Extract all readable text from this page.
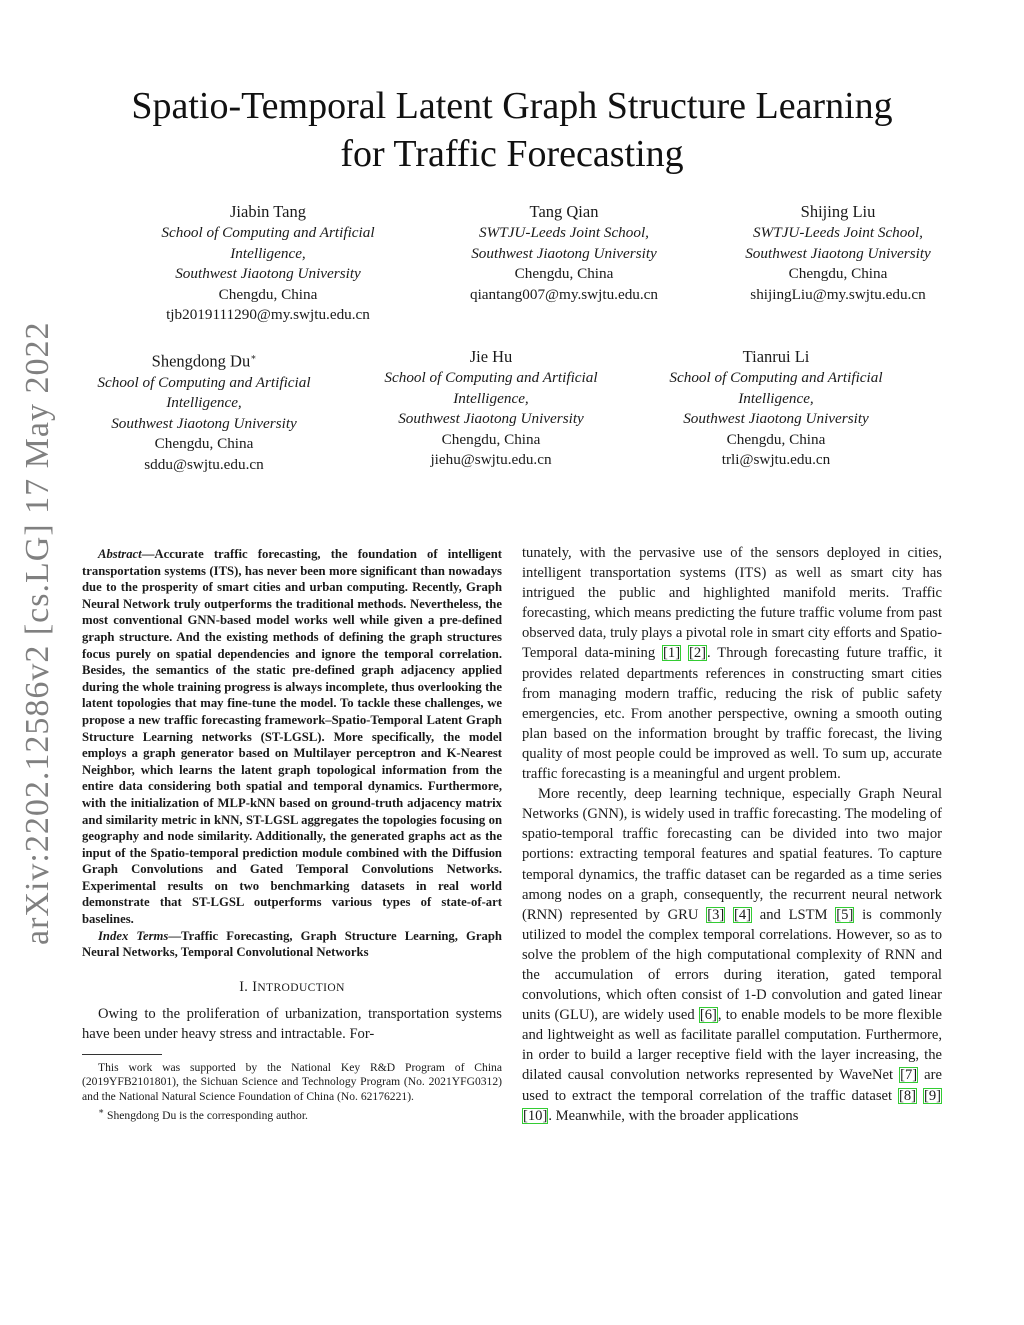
arXiv:2202.12586v2 [cs.LG] 17 May 2022
Spatio-Temporal Latent Graph Structure Learning
for Traffic Forecasting
Jiabin Tang
School of Computing and Artificial
Intelligence,
Southwest Jiaotong University
Chengdu, China
tjb2019111290@my.swjtu.edu.cn
Tang Qian
SWTJU-Leeds Joint School,
Southwest Jiaotong University
Chengdu, China
qiantang007@my.swjtu.edu.cn
Shijing Liu
SWTJU-Leeds Joint School,
Southwest Jiaotong University
Chengdu, China
shijingLiu@my.swjtu.edu.cn
Shengdong Du∗
School of Computing and Artificial
Intelligence,
Southwest Jiaotong University
Chengdu, China
sddu@swjtu.edu.cn
Jie Hu
School of Computing and Artificial
Intelligence,
Southwest Jiaotong University
Chengdu, China
jiehu@swjtu.edu.cn
Tianrui Li
School of Computing and Artificial
Intelligence,
Southwest Jiaotong University
Chengdu, China
trli@swjtu.edu.cn

Abstract—Accurate traffic forecasting, the foundation of intelligent transportation systems (ITS), has never been more significant than nowadays due to the prosperity of smart cities and urban computing. Recently, Graph Neural Network truly outperforms the traditional methods. Nevertheless, the most conventional GNN-based model works well while given a pre-defined graph structure. And the existing methods of defining the graph structures focus purely on spatial dependencies and ignore the temporal correlation. Besides, the semantics of the static pre-defined graph adjacency applied during the whole training progress is always incomplete, thus overlooking the latent topologies that may fine-tune the model. To tackle these challenges, we propose a new traffic forecasting framework–Spatio-Temporal Latent Graph Structure Learning networks (ST-LGSL). More specifically, the model employs a graph generator based on Multilayer perceptron and K-Nearest Neighbor, which learns the latent graph topological information from the entire data considering both spatial and temporal dynamics. Furthermore, with the initialization of MLP-kNN based on ground-truth adjacency matrix and similarity metric in kNN, ST-LGSL aggregates the topologies focusing on geography and node similarity. Additionally, the generated graphs act as the input of the Spatio-temporal prediction module combined with the Diffusion Graph Convolutions and Gated Temporal Convolutions Networks. Experimental results on two benchmarking datasets in real world demonstrate that ST-LGSL outperforms various types of state-of-art baselines.

Index Terms—Traffic Forecasting, Graph Structure Learning, Graph Neural Networks, Temporal Convolutional Networks

I. INTRODUCTION

Owing to the proliferation of urbanization, transportation systems have been under heavy stress and intractable. For-

This work was supported by the National Key R&D Program of China (2019YFB2101801), the Sichuan Science and Technology Program (No. 2021YFG0312) and the National Natural Science Foundation of China (No. 62176221).

∗ Shengdong Du is the corresponding author.

tunately, with the pervasive use of the sensors deployed in cities, intelligent transportation systems (ITS) as well as smart city has intrigued the public and highlighted manifold merits. Traffic forecasting, which means predicting the future traffic volume from past observed data, truly plays a pivotal role in smart city efforts and Spatio-Temporal data-mining [1] [2]. Through forecasting future traffic, it provides related departments references in constructing smart cities from managing modern traffic, reducing the risk of public safety emergencies, etc. From another perspective, owning a smooth outing plan based on the information brought by traffic forecast, the living quality of most people could be improved as well. To sum up, accurate traffic forecasting is a meaningful and urgent problem.

More recently, deep learning technique, especially Graph Neural Networks (GNN), is widely used in traffic forecasting. The modeling of spatio-temporal traffic forecasting can be divided into two major portions: extracting temporal features and spatial features. To capture temporal dynamics, the traffic dataset can be regarded as a time series among nodes on a graph, consequently, the recurrent neural network (RNN) represented by GRU [3] [4] and LSTM [5] is commonly utilized to model the complex temporal correlations. However, so as to solve the problem of the high computational complexity of RNN and the accumulation of errors during iteration, gated temporal convolutions, which often consist of 1-D convolution and gated linear units (GLU), are widely used [6], to enable models to be more flexible and lightweight as well as facilitate parallel computation. Furthermore, in order to build a larger receptive field with the layer increasing, the dilated causal convolution networks represented by WaveNet [7] are used to extract the temporal correlation of the traffic dataset [8] [9] [10]. Meanwhile, with the broader applications
